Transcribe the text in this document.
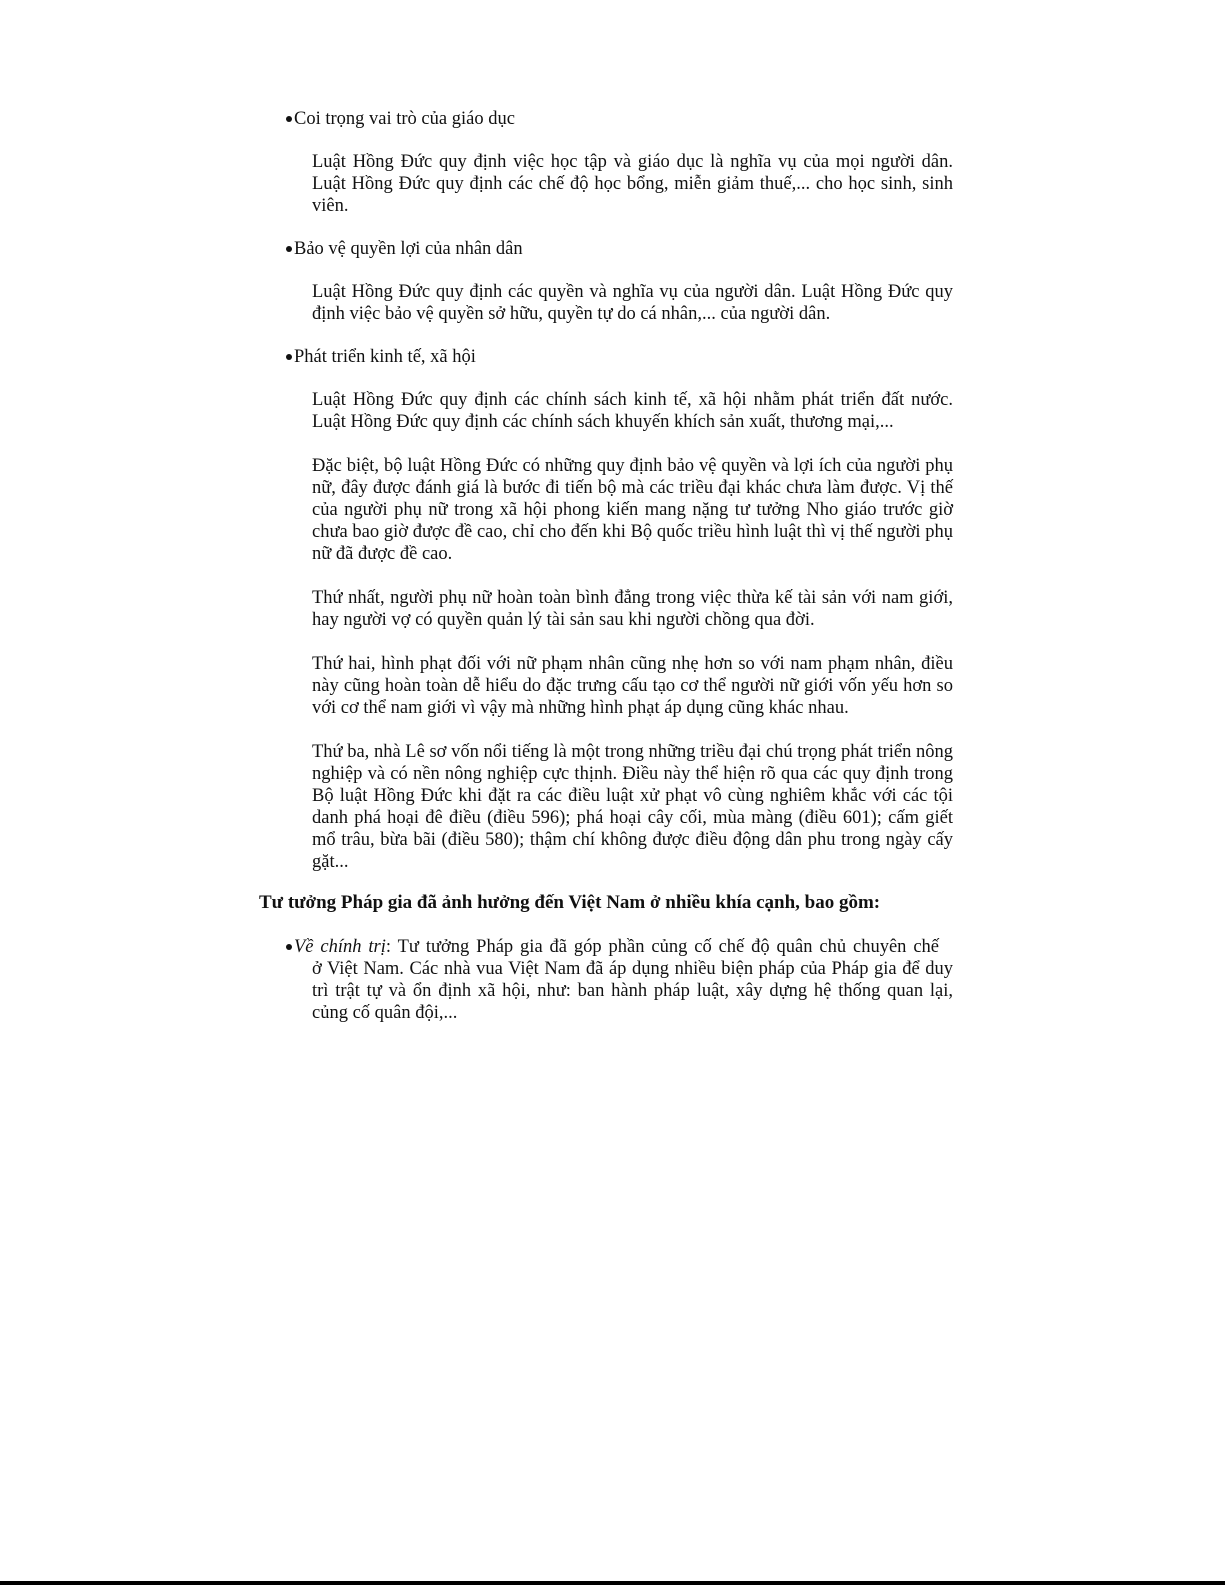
Coi trọng vai trò của giáo dục

Luật Hồng Đức quy định việc học tập và giáo dục là nghĩa vụ của mọi người dân. Luật Hồng Đức quy định các chế độ học bổng, miễn giảm thuế,... cho học sinh, sinh viên.

Bảo vệ quyền lợi của nhân dân

Luật Hồng Đức quy định các quyền và nghĩa vụ của người dân. Luật Hồng Đức quy định việc bảo vệ quyền sở hữu, quyền tự do cá nhân,... của người dân.

Phát triển kinh tế, xã hội

Luật Hồng Đức quy định các chính sách kinh tế, xã hội nhằm phát triển đất nước. Luật Hồng Đức quy định các chính sách khuyến khích sản xuất, thương mại,...

Đặc biệt, bộ luật Hồng Đức có những quy định bảo vệ quyền và lợi ích của người phụ nữ, đây được đánh giá là bước đi tiến bộ mà các triều đại khác chưa làm được. Vị thế của người phụ nữ trong xã hội phong kiến mang nặng tư tưởng Nho giáo trước giờ chưa bao giờ được đề cao, chỉ cho đến khi Bộ quốc triều hình luật thì vị thế người phụ nữ đã được đề cao.

Thứ nhất, người phụ nữ hoàn toàn bình đẳng trong việc thừa kế tài sản với nam giới, hay người vợ có quyền quản lý tài sản sau khi người chồng qua đời.

Thứ hai, hình phạt đối với nữ phạm nhân cũng nhẹ hơn so với nam phạm nhân, điều này cũng hoàn toàn dễ hiểu do đặc trưng cấu tạo cơ thể người nữ giới vốn yếu hơn so với cơ thể nam giới vì vậy mà những hình phạt áp dụng cũng khác nhau.

Thứ ba, nhà Lê sơ vốn nổi tiếng là một trong những triều đại chú trọng phát triển nông nghiệp và có nền nông nghiệp cực thịnh. Điều này thể hiện rõ qua các quy định trong Bộ luật Hồng Đức khi đặt ra các điều luật xử phạt vô cùng nghiêm khắc với các tội danh phá hoại đê điều (điều 596); phá hoại cây cối, mùa màng (điều 601); cấm giết mổ trâu, bừa bãi (điều 580); thậm chí không được điều động dân phu trong ngày cấy gặt...

Tư tưởng Pháp gia đã ảnh hưởng đến Việt Nam ở nhiều khía cạnh, bao gồm:
Về chính trị: Tư tưởng Pháp gia đã góp phần củng cố chế độ quân chủ chuyên chế
ở Việt Nam. Các nhà vua Việt Nam đã áp dụng nhiều biện pháp của Pháp gia để duy trì trật tự và ổn định xã hội, như: ban hành pháp luật, xây dựng hệ thống quan lại, củng cố quân đội,...
